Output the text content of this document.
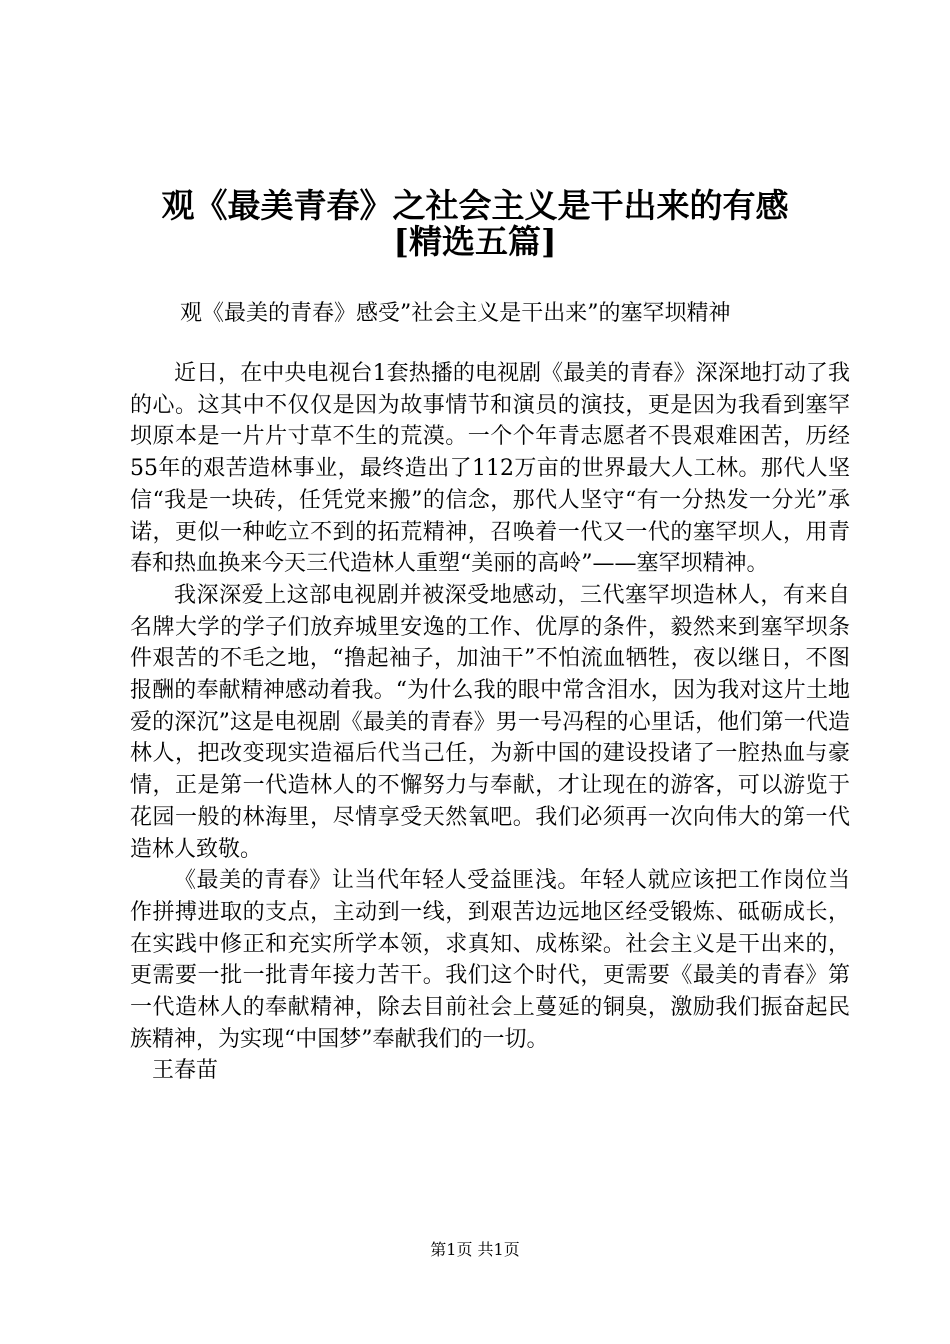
观《最美青春》之社会主义是干出来的有感
[精选五篇]

观《最美的青春》感受”社会主义是干出来”的塞罕坝精神

近日，在中央电视台1套热播的电视剧《最美的青春》深深地打动了我的心。这其中不仅仅是因为故事情节和演员的演技，更是因为我看到塞罕坝原本是一片片寸草不生的荒漠。一个个年青志愿者不畏艰难困苦，历经55年的艰苦造林事业，最终造出了112万亩的世界最大人工林。那代人坚信“我是一块砖，任凭党来搬”的信念，那代人坚守“有一分热发一分光”承诺，更似一种屹立不到的拓荒精神，召唤着一代又一代的塞罕坝人，用青春和热血换来今天三代造林人重塑“美丽的高岭”——塞罕坝精神。

我深深爱上这部电视剧并被深受地感动，三代塞罕坝造林人，有来自名牌大学的学子们放弃城里安逸的工作、优厚的条件，毅然来到塞罕坝条件艰苦的不毛之地，“撸起袖子，加油干”不怕流血牺牲，夜以继日，不图报酬的奉献精神感动着我。“为什么我的眼中常含泪水，因为我对这片土地爱的深沉”这是电视剧《最美的青春》男一号冯程的心里话，他们第一代造林人，把改变现实造福后代当己任，为新中国的建设投诸了一腔热血与豪情，正是第一代造林人的不懈努力与奉献，才让现在的游客，可以游览于花园一般的林海里，尽情享受天然氧吧。我们必须再一次向伟大的第一代造林人致敬。

《最美的青春》让当代年轻人受益匪浅。年轻人就应该把工作岗位当作拼搏进取的支点，主动到一线，到艰苦边远地区经受锻炼、砥砺成长，在实践中修正和充实所学本领，求真知、成栋梁。社会主义是干出来的，更需要一批一批青年接力苦干。我们这个时代，更需要《最美的青春》第一代造林人的奉献精神，除去目前社会上蔓延的铜臭，激励我们振奋起民族精神，为实现“中国梦”奉献我们的一切。

王春苗

第1页 共1页
